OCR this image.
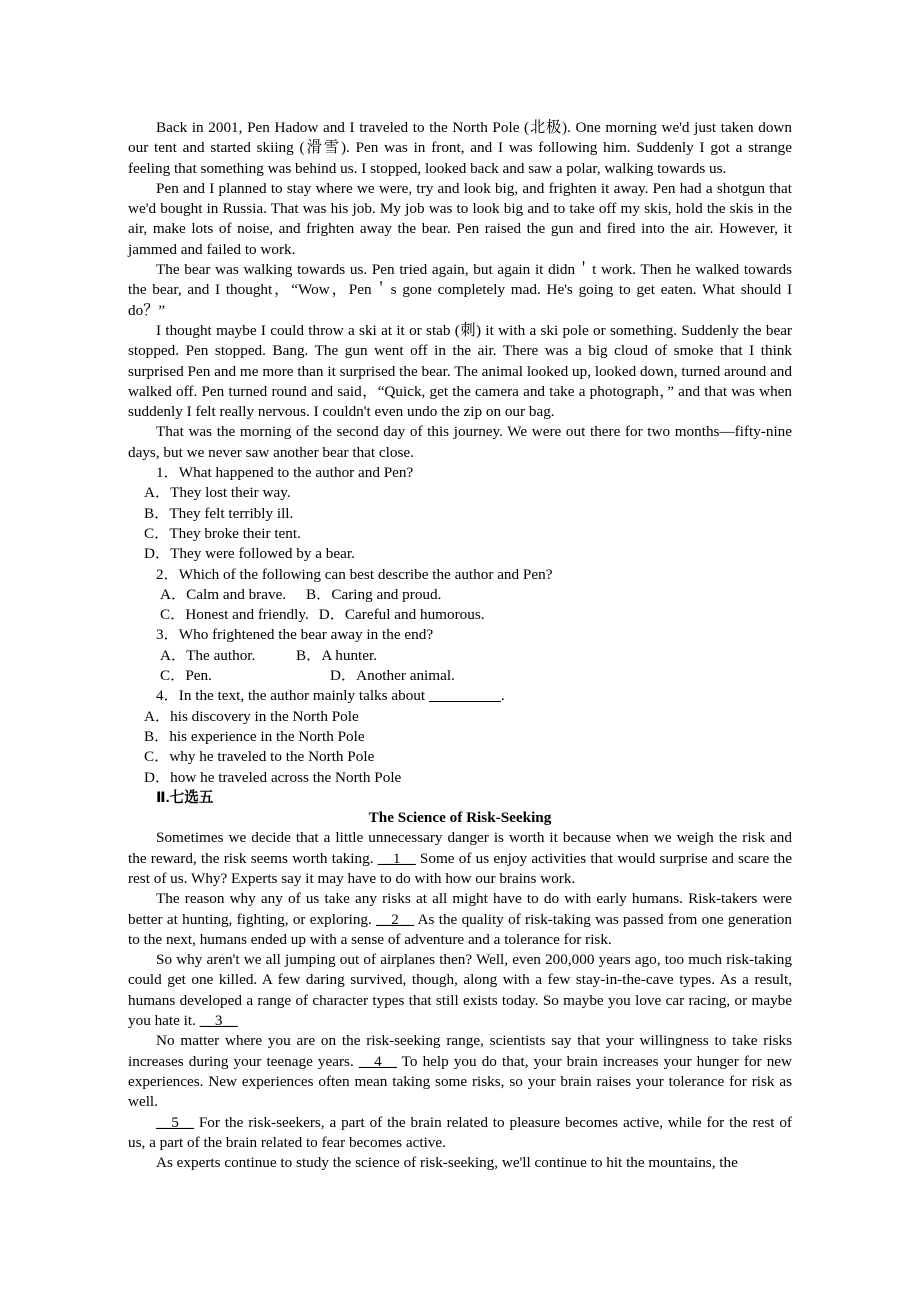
Back in 2001, Pen Hadow and I traveled to the North Pole (北极). One morning we'd just taken down our tent and started skiing (滑雪). Pen was in front, and I was following him. Suddenly I got a strange feeling that something was behind us. I stopped, looked back and saw a polar, walking towards us.

Pen and I planned to stay where we were, try and look big, and frighten it away. Pen had a shotgun that we'd bought in Russia. That was his job. My job was to look big and to take off my skis, hold the skis in the air, make lots of noise, and frighten away the bear. Pen raised the gun and fired into the air. However, it jammed and failed to work.

The bear was walking towards us. Pen tried again, but again it didn＇t work. Then he walked towards the bear, and I thought，“Wow，Pen＇s gone completely mad. He's going to get eaten. What should I do？”

I thought maybe I could throw a ski at it or stab (刺) it with a ski pole or something. Suddenly the bear stopped. Pen stopped. Bang. The gun went off in the air. There was a big cloud of smoke that I think surprised Pen and me more than it surprised the bear. The animal looked up, looked down, turned around and walked off. Pen turned round and said，“Quick, get the camera and take a photograph，” and that was when suddenly I felt really nervous. I couldn't even undo the zip on our bag.

That was the morning of the second day of this journey. We were out there for two months—fifty-nine days, but we never saw another bear that close.

1．What happened to the author and Pen?

A．They lost their way.

B．They felt terribly ill.

C．They broke their tent.

D．They were followed by a bear.

2．Which of the following can best describe the author and Pen?

A．Calm and brave. B．Caring and proud.

C．Honest and friendly. D．Careful and humorous.

3．Who frightened the bear away in the end?

A．The author.	B．A hunter.

C．Pen.	D．Another animal.

4．In the text, the author mainly talks about	.

A．his discovery in the North Pole

B．his experience in the North Pole

C．why he traveled to the North Pole

D．how he traveled across the North Pole

Ⅱ.七选五

The Science of Risk-Seeking

Sometimes we decide that a little unnecessary danger is worth it because when we weigh the risk and the reward, the risk seems worth taking. __1__ Some of us enjoy activities that would surprise and scare the rest of us. Why? Experts say it may have to do with how our brains work.

The reason why any of us take any risks at all might have to do with early humans. Risk-takers were better at hunting, fighting, or exploring. __2__ As the quality of risk-taking was passed from one generation to the next, humans ended up with a sense of adventure and a tolerance for risk.

So why aren't we all jumping out of airplanes then? Well, even 200,000 years ago, too much risk-taking could get one killed. A few daring survived, though, along with a few stay-in-the-cave types. As a result, humans developed a range of character types that still exists today. So maybe you love car racing, or maybe you hate it. __3__

No matter where you are on the risk-seeking range, scientists say that your willingness to take risks increases during your teenage years. __4__ To help you do that, your brain increases your hunger for new experiences. New experiences often mean taking some risks, so your brain raises your tolerance for risk as well.

__5__ For the risk-seekers, a part of the brain related to pleasure becomes active, while for the rest of us, a part of the brain related to fear becomes active.

As experts continue to study the science of risk-seeking, we'll continue to hit the mountains, the
